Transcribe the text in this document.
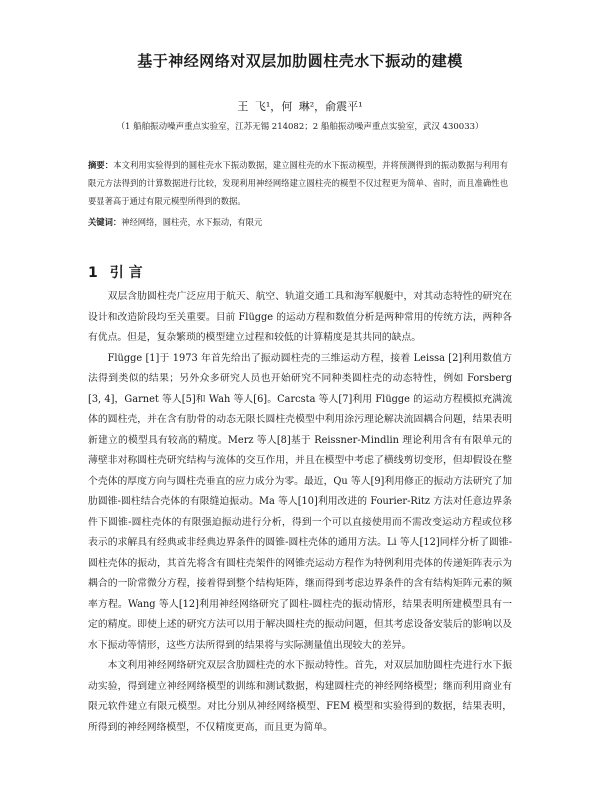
基于神经网络对双层加肋圆柱壳水下振动的建模
王 飞¹，何 琳²，俞震平¹
（1 船舶振动噪声重点实验室，江苏无锡 214082；2 船舶振动噪声重点实验室，武汉 430033）
摘要：本文利用实验得到的圆柱壳水下振动数据，建立圆柱壳的水下振动模型，并将预测得到的振动数据与利用有限元方法得到的计算数据进行比较，发现利用神经网络建立圆柱壳的模型不仅过程更为简单、省时，而且准确性也要显著高于通过有限元模型所得到的数据。
关键词：神经网络，圆柱壳，水下振动，有限元
1 引 言

双层含肋圆柱壳广泛应用于航天、航空、轨道交通工具和海军舰艇中，对其动态特性的研究在设计和改造阶段均至关重要。目前 Flügge 的运动方程和数值分析是两种常用的传统方法，两种各有优点。但是，复杂繁琐的模型建立过程和较低的计算精度是其共同的缺点。

Flügge [1]于 1973 年首先给出了振动圆柱壳的三维运动方程，接着 Leissa [2]利用数值方法得到类似的结果；另外众多研究人员也开始研究不同种类圆柱壳的动态特性，例如 Forsberg [3, 4]，Garnet 等人[5]和 Wah 等人[6]。Carcsta 等人[7]利用 Flügge 的运动方程模拟充满流体的圆柱壳，并在含有肋骨的动态无限长圆柱壳模型中利用涂污理论解决流固耦合问题，结果表明新建立的模型具有较高的精度。Merz 等人[8]基于 Reissner-Mindlin 理论利用含有有限单元的薄壁非对称圆柱壳研究结构与流体的交互作用，并且在模型中考虑了横线剪切变形，但却假设在整个壳体的厚度方向与圆柱壳垂直的应力成分为零。最近，Qu 等人[9]利用修正的振动方法研究了加肋圆锥-圆柱结合壳体的有限缝迫振动。Ma 等人[10]利用改进的 Fourier-Ritz 方法对任意边界条件下圆锥-圆柱壳体的有限强迫振动进行分析，得到一个可以直接使用而不需改变运动方程或位移表示的求解具有经典或非经典边界条件的圆锥-圆柱壳体的通用方法。Li 等人[12]同样分析了圆锥-圆柱壳体的振动，其首先将含有圆柱壳架件的网锥壳运动方程作为特例利用壳体的传递矩阵表示为耦合的一阶常微分方程，接着得到整个结构矩阵，继而得到考虑边界条件的含有结构矩阵元素的频率方程。Wang 等人[12]利用神经网络研究了圆柱-圆柱壳的振动情形，结果表明所建模型具有一定的精度。即使上述的研究方法可以用于解决圆柱壳的振动问题，但其考虑设备安装后的影响以及水下振动等情形，这些方法所得到的结果将与实际测量值出现较大的差异。

本文利用神经网络研究双层含肋圆柱壳的水下振动特性。首先，对双层加肋圆柱壳进行水下振动实验，得到建立神经网络模型的训练和测试数据，构建圆柱壳的神经网络模型；继而利用商业有限元软件建立有限元模型。对比分别从神经网络模型、FEM 模型和实验得到的数据，结果表明，所得到的神经网络模型，不仅精度更高，而且更为简单。
